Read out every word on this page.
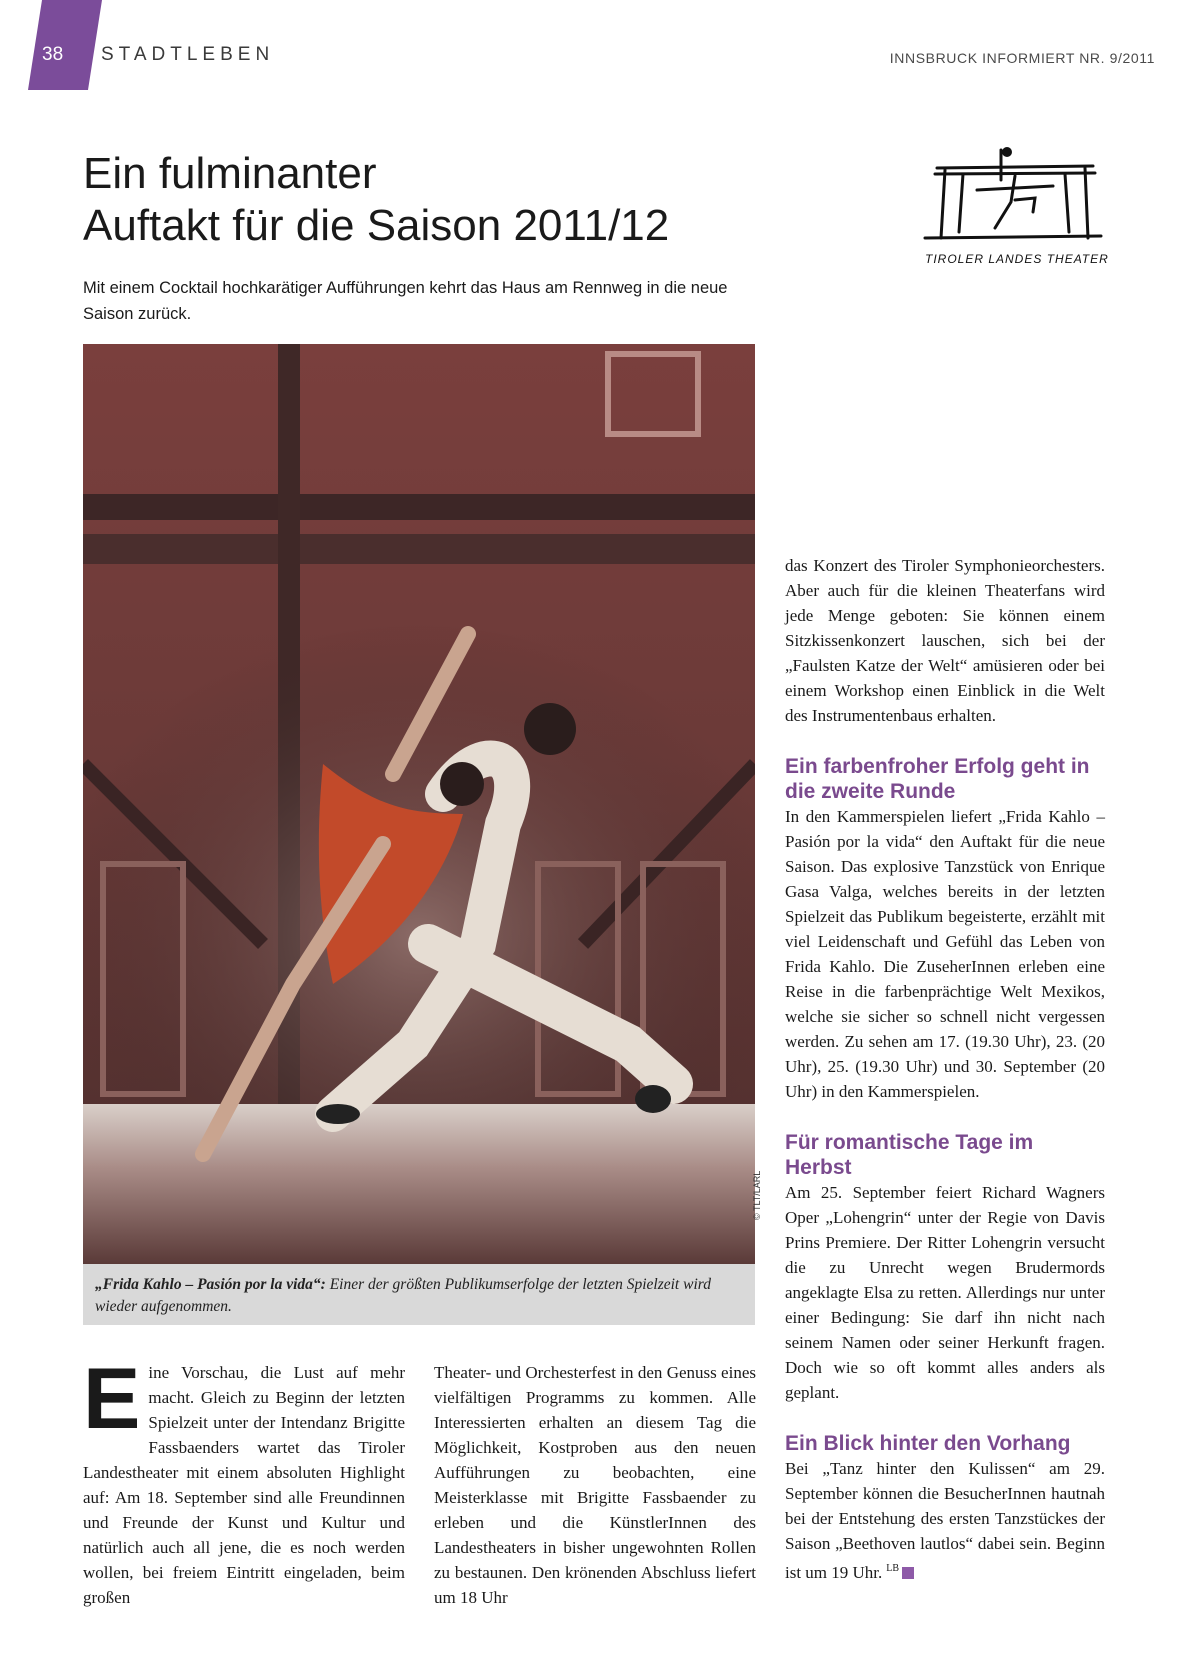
38 STADTLEBEN	INNSBRUCK INFORMIERT NR. 9/2011
Ein fulminanter
Auftakt für die Saison 2011/12

Mit einem Cocktail hochkarätiger Aufführungen kehrt das Haus am Rennweg in die neue Saison zurück.

TIROLER LANDES THEATER
© TLT/LARL
„Frida Kahlo – Pasión por la vida“: Einer der größten Publikumserfolge der letzten Spielzeit wird wieder aufgenommen.

E ine Vorschau, die Lust auf mehr macht. Gleich zu Beginn der letzten Spielzeit unter der Intendanz Brigitte Fassbaenders wartet das Tiroler Landestheater mit einem absoluten Highlight auf: Am 18. September sind alle Freundinnen und Freunde der Kunst und Kultur und natürlich auch all jene, die es noch werden wollen, bei freiem Eintritt eingeladen, beim großen

Theater- und Orchesterfest in den Genuss eines vielfältigen Programms zu kommen. Alle Interessierten erhalten an diesem Tag die Möglichkeit, Kostproben aus den neuen Aufführungen zu beobachten, eine Meisterklasse mit Brigitte Fassbaender zu erleben und die KünstlerInnen des Landestheaters in bisher ungewohnten Rollen zu bestaunen. Den krönenden Abschluss liefert um 18 Uhr

das Konzert des Tiroler Symphonieorchesters. Aber auch für die kleinen Theaterfans wird jede Menge geboten: Sie können einem Sitzkissenkonzert lauschen, sich bei der „Faulsten Katze der Welt“ amüsieren oder bei einem Workshop einen Einblick in die Welt des Instrumentenbaus erhalten.

Ein farbenfroher Erfolg geht in die zweite Runde

In den Kammerspielen liefert „Frida Kahlo – Pasión por la vida“ den Auftakt für die neue Saison. Das explosive Tanzstück von Enrique Gasa Valga, welches bereits in der letzten Spielzeit das Publikum begeisterte, erzählt mit viel Leidenschaft und Gefühl das Leben von Frida Kahlo. Die ZuseherInnen erleben eine Reise in die farbenprächtige Welt Mexikos, welche sie sicher so schnell nicht vergessen werden. Zu sehen am 17. (19.30 Uhr), 23. (20 Uhr), 25. (19.30 Uhr) und 30. September (20 Uhr) in den Kammerspielen.

Für romantische Tage im Herbst

Am 25. September feiert Richard Wagners Oper „Lohengrin“ unter der Regie von Davis Prins Premiere. Der Ritter Lohengrin versucht die zu Unrecht wegen Brudermords angeklagte Elsa zu retten. Allerdings nur unter einer Bedingung: Sie darf ihn nicht nach seinem Namen oder seiner Herkunft fragen. Doch wie so oft kommt alles anders als geplant.

Ein Blick hinter den Vorhang

Bei „Tanz hinter den Kulissen“ am 29. September können die BesucherInnen hautnah bei der Entstehung des ersten Tanzstückes der Saison „Beethoven lautlos“ dabei sein. Beginn ist um 19 Uhr. $^{LB}$
